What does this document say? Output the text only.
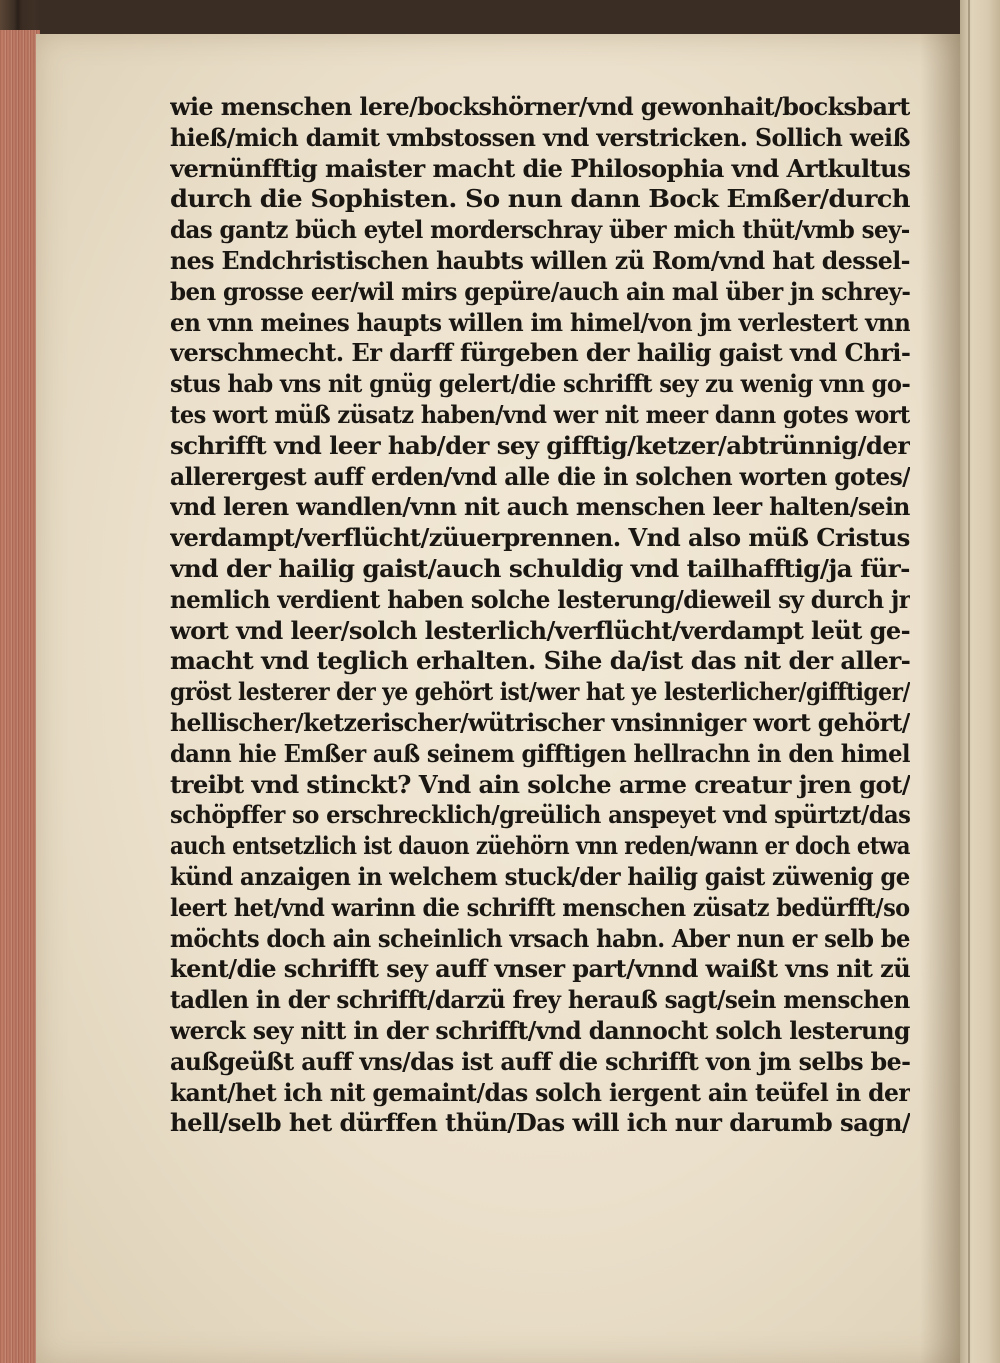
wie menschen lere/bockshörner/vnd gewonhait/bocksbart
hieß/mich damit vmbstossen vnd verstricken. Sollich weiß
vernünfftig maister macht die Philosophia vnd Artkultus
durch die Sophisten. So nun dann Bock Emßer/durch
das gantz büch eytel morderschray über mich thüt/vmb sey-
nes Endchristischen haubts willen zü Rom/vnd hat dessel-
ben grosse eer/wil mirs gepüre/auch ain mal über jn schrey-
en vnn meines haupts willen im himel/von jm verlestert vnn
verschmecht. Er darff fürgeben der hailig gaist vnd Chri-
stus hab vns nit gnüg gelert/die schrifft sey zu wenig vnn go-
tes wort müß züsatz haben/vnd wer nit meer dann gotes wort
schrifft vnd leer hab/der sey gifftig/ketzer/abtrünnig/der
allerergest auff erden/vnd alle die in solchen worten gotes/
vnd leren wandlen/vnn nit auch menschen leer halten/sein
verdampt/verflücht/züuerprennen. Vnd also müß Cristus
vnd der hailig gaist/auch schuldig vnd tailhafftig/ja für-
nemlich verdient haben solche lesterung/dieweil sy durch jr
wort vnd leer/solch lesterlich/verflücht/verdampt leüt ge-
macht vnd teglich erhalten. Sihe da/ist das nit der aller-
gröst lesterer der ye gehört ist/wer hat ye lesterlicher/gifftiger/
hellischer/ketzerischer/wütrischer vnsinniger wort gehört/
dann hie Emßer auß seinem gifftigen hellrachn in den himel
treibt vnd stinckt? Vnd ain solche arme creatur jren got/
schöpffer so erschrecklich/greülich anspeyet vnd spürtzt/das
auch entsetzlich ist dauon züehörn vnn reden/wann er doch etwa
künd anzaigen in welchem stuck/der hailig gaist züwenig ge
leert het/vnd warinn die schrifft menschen züsatz bedürfft/so
möchts doch ain scheinlich vrsach habn. Aber nun er selb be
kent/die schrifft sey auff vnser part/vnnd waißt vns nit zü
tadlen in der schrifft/darzü frey herauß sagt/sein menschen
werck sey nitt in der schrifft/vnd dannocht solch lesterung
außgeüßt auff vns/das ist auff die schrifft von jm selbs be-
kant/het ich nit gemaint/das solch iergent ain teüfel in der
hell/selb het dürffen thün/Das will ich nur darumb sagn/
